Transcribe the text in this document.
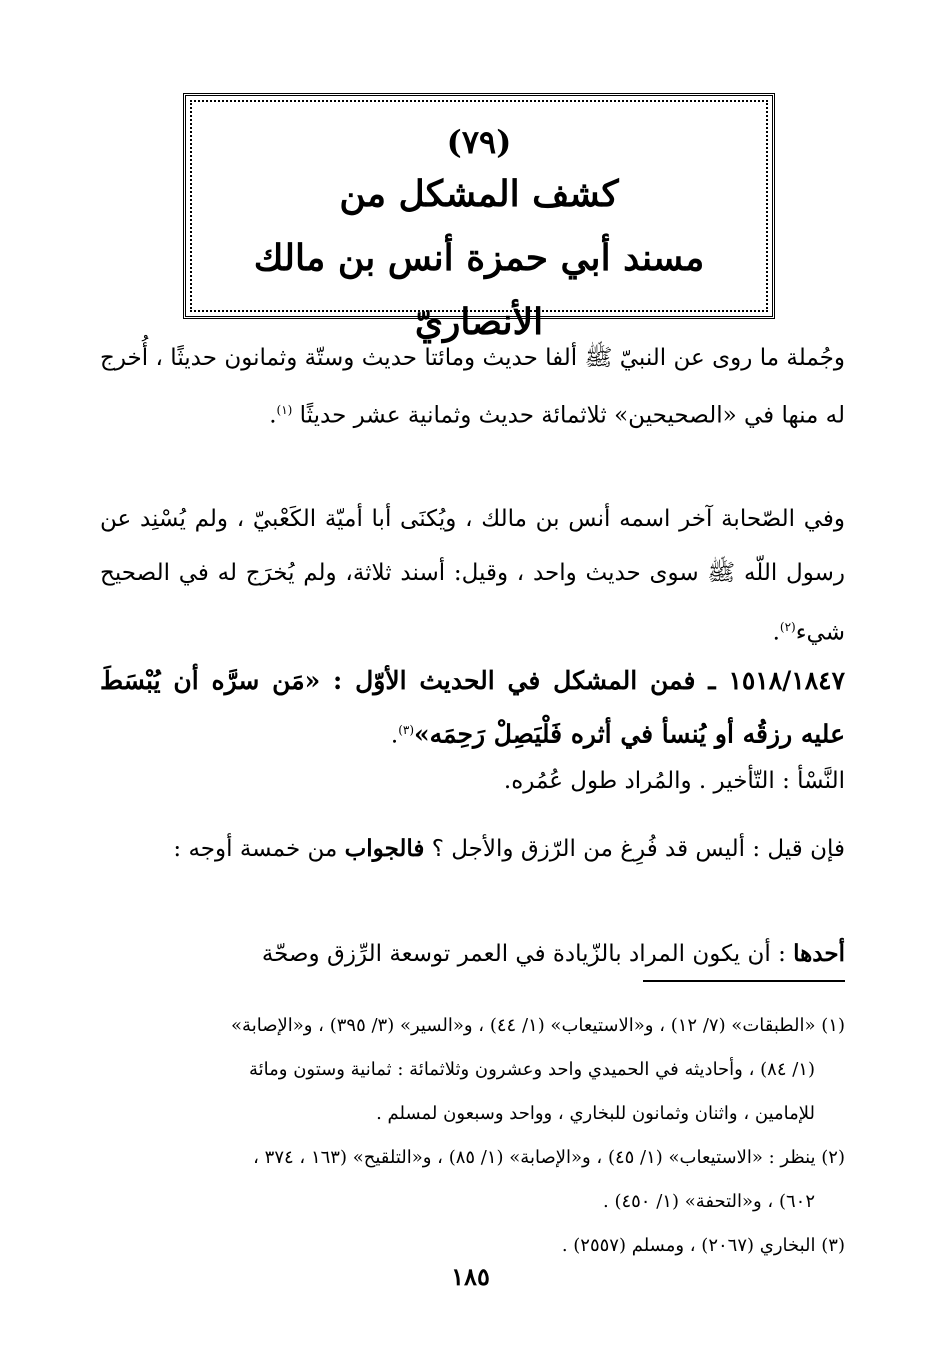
(٧٩)
كشف المشكل من
مسند أبي حمزة أنس بن مالك الأنصاريّ
وجُملة ما روى عن النبيّ ﷺ ألفا حديث ومائتا حديث وستّة وثمانون حديثًا ، أُخرج له منها في «الصحيحين» ثلاثمائة حديث وثمانية عشر حديثًا $^{(١)}$.
وفي الصّحابة آخر اسمه أنس بن مالك ، ويُكنَى أبا أميّة الكَعْبيّ ، ولم يُسْنِد عن رسول اللّه ﷺ سوى حديث واحد ، وقيل: أسند ثلاثة، ولم يُخرَج له في الصحيح شيء$^{(٢)}$.
١٥١٨/١٨٤٧ ـ فمن المشكل في الحديث الأوّل : «مَن سرَّه أن يُبْسَطَ عليه رزقُه أو يُنسأ في أثره فَلْيَصِلْ رَحِمَه»$^{(٣)}$.
النَّسْأ : التّأخير . والمُراد طول عُمُره.
فإن قيل : أليس قد فُرِغ من الرّزق والأجل ؟ فالجواب من خمسة أوجه :
أحدها : أن يكون المراد بالزّيادة في العمر توسعة الرِّزق وصحّة

(١) «الطبقات» (٧/ ١٢) ، و«الاستيعاب» (١/ ٤٤) ، و«السير» (٣/ ٣٩٥) ، و«الإصابة»

(١/ ٨٤) ، وأحاديثه في الحميدي واحد وعشرون وثلاثمائة : ثمانية وستون ومائة

للإمامين ، واثنان وثمانون للبخاري ، وواحد وسبعون لمسلم .

(٢) ينظر : «الاستيعاب» (١/ ٤٥) ، و«الإصابة» (١/ ٨٥) ، و«التلقيح» (١٦٣ ، ٣٧٤ ،

٦٠٢) ، و«التحفة» (١/ ٤٥٠) .

(٣) البخاري (٢٠٦٧) ، ومسلم (٢٥٥٧) .

١٨٥
